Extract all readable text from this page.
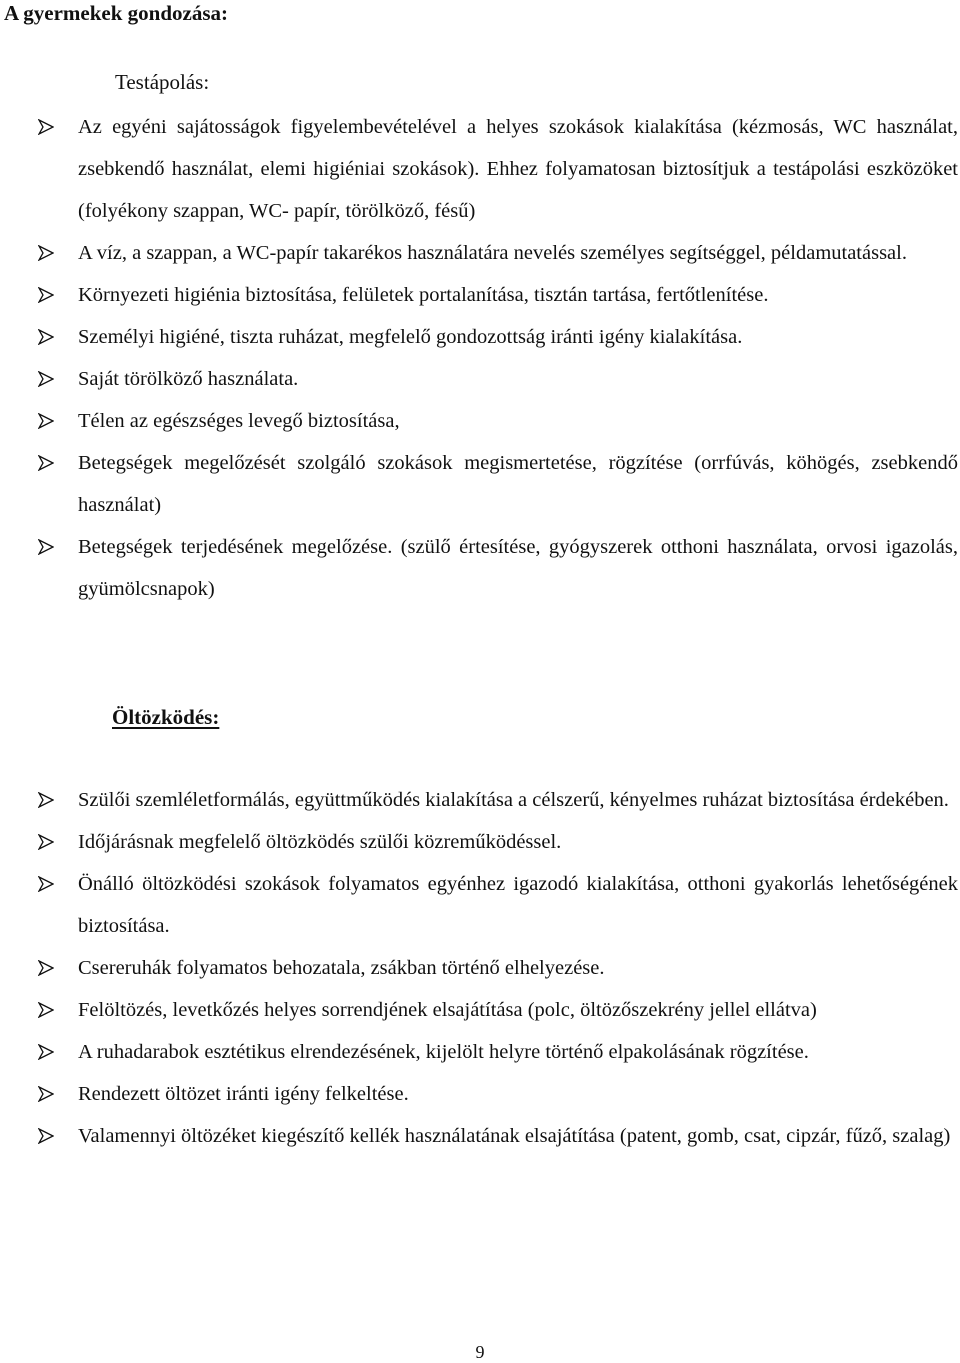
A gyermekek gondozása:
Testápolás:
Az egyéni sajátosságok figyelembevételével a helyes szokások kialakítása (kézmosás, WC használat, zsebkendő használat, elemi higiéniai szokások). Ehhez folyamatosan biztosítjuk a testápolási eszközöket (folyékony szappan, WC- papír, törölköző, fésű)
A víz, a szappan, a WC-papír takarékos használatára nevelés személyes segítséggel, példamutatással.
Környezeti higiénia biztosítása, felületek portalanítása, tisztán tartása, fertőtlenítése.
Személyi higiéné, tiszta ruházat, megfelelő gondozottság iránti igény kialakítása.
Saját törölköző használata.
Télen az egészséges levegő biztosítása,
Betegségek megelőzését szolgáló szokások megismertetése, rögzítése (orrfúvás, köhögés, zsebkendő használat)
Betegségek terjedésének megelőzése. (szülő értesítése, gyógyszerek otthoni használata, orvosi igazolás, gyümölcsnapok)
Öltözködés:
Szülői szemléletformálás, együttműködés kialakítása a célszerű, kényelmes ruházat biztosítása érdekében.
Időjárásnak megfelelő öltözködés szülői közreműködéssel.
Önálló öltözködési szokások folyamatos egyénhez igazodó kialakítása, otthoni gyakorlás lehetőségének biztosítása.
Csereruhák folyamatos behozatala, zsákban történő elhelyezése.
Felöltözés, levetkőzés helyes sorrendjének elsajátítása (polc, öltözőszekrény jellel ellátva)
A ruhadarabok esztétikus elrendezésének, kijelölt helyre történő elpakolásának rögzítése.
Rendezett öltözet iránti igény felkeltése.
Valamennyi öltözéket kiegészítő kellék használatának elsajátítása (patent, gomb, csat, cipzár, fűző, szalag)
9
